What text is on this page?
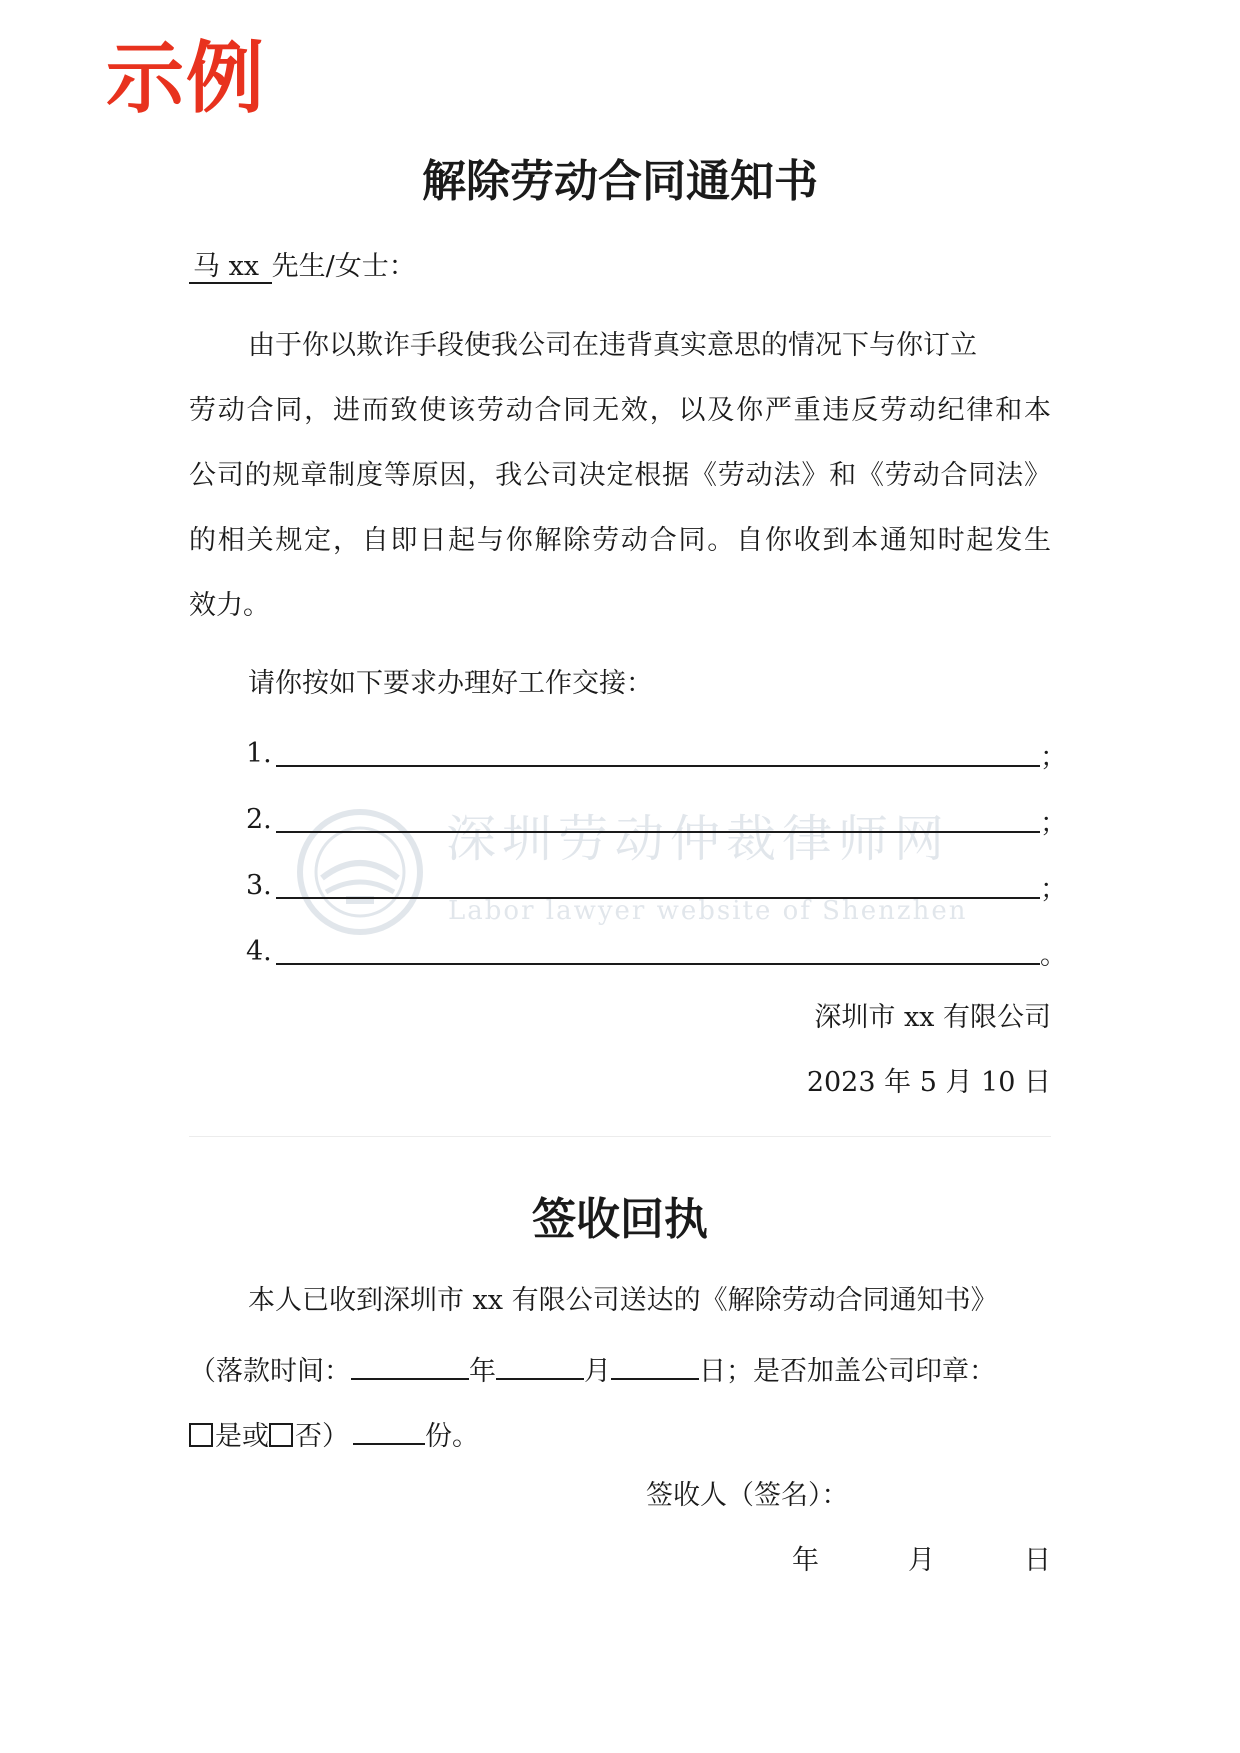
示例
解除劳动合同通知书
马 xx 先生/女士：
由于你以欺诈手段使我公司在违背真实意思的情况下与你订立
劳动合同，进而致使该劳动合同无效，以及你严重违反劳动纪律和本
公司的规章制度等原因，我公司决定根据《劳动法》和《劳动合同法》
的相关规定，自即日起与你解除劳动合同。自你收到本通知时起发生
效力。
请你按如下要求办理好工作交接：
深圳劳动仲裁律师网
Labor lawyer website of Shenzhen
1.	；
2.	；
3.	；
4.	。
深圳市 xx 有限公司
2023 年 5 月 10 日
签收回执
本人已收到深圳市 xx 有限公司送达的《解除劳动合同通知书》
（落款时间：	年	月	日；是否加盖公司印章：
是或 否）	份。
签收人（签名）：
年	月	日
